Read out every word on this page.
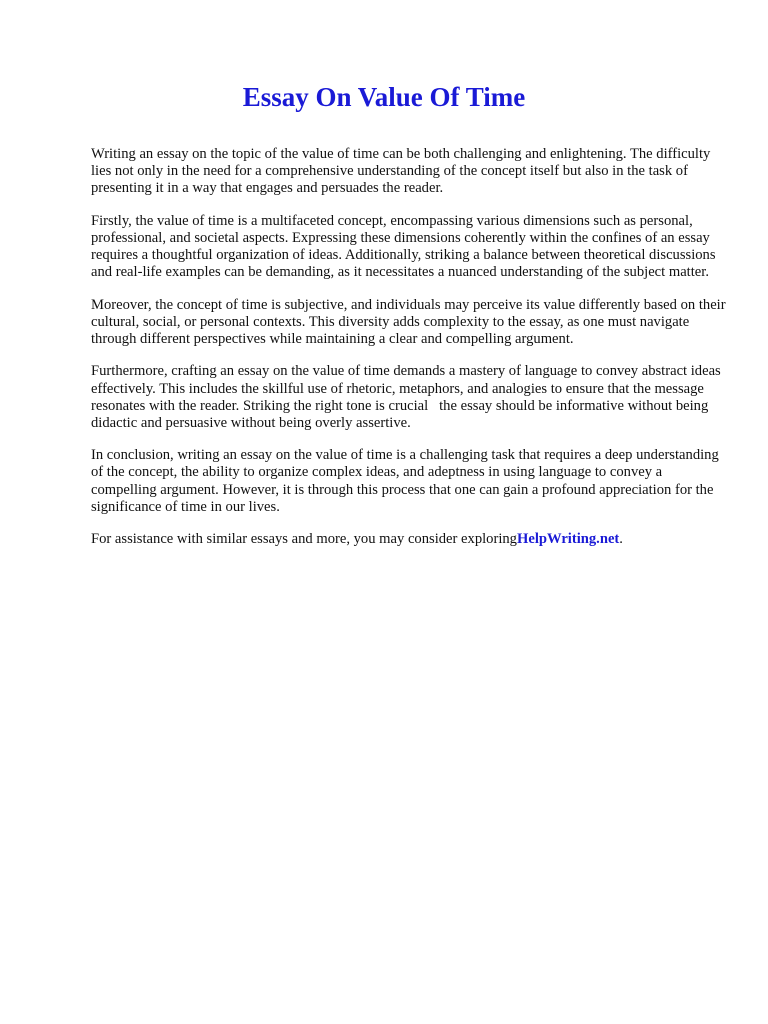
Essay On Value Of Time

Writing an essay on the topic of the value of time can be both challenging and enlightening. The difficulty lies not only in the need for a comprehensive understanding of the concept itself but also in the task of presenting it in a way that engages and persuades the reader.

Firstly, the value of time is a multifaceted concept, encompassing various dimensions such as personal, professional, and societal aspects. Expressing these dimensions coherently within the confines of an essay requires a thoughtful organization of ideas. Additionally, striking a balance between theoretical discussions and real-life examples can be demanding, as it necessitates a nuanced understanding of the subject matter.

Moreover, the concept of time is subjective, and individuals may perceive its value differently based on their cultural, social, or personal contexts. This diversity adds complexity to the essay, as one must navigate through different perspectives while maintaining a clear and compelling argument.

Furthermore, crafting an essay on the value of time demands a mastery of language to convey abstract ideas effectively. This includes the skillful use of rhetoric, metaphors, and analogies to ensure that the message resonates with the reader. Striking the right tone is crucial   the essay should be informative without being didactic and persuasive without being overly assertive.

In conclusion, writing an essay on the value of time is a challenging task that requires a deep understanding of the concept, the ability to organize complex ideas, and adeptness in using language to convey a compelling argument. However, it is through this process that one can gain a profound appreciation for the significance of time in our lives.

For assistance with similar essays and more, you may consider exploringHelpWriting.net.
